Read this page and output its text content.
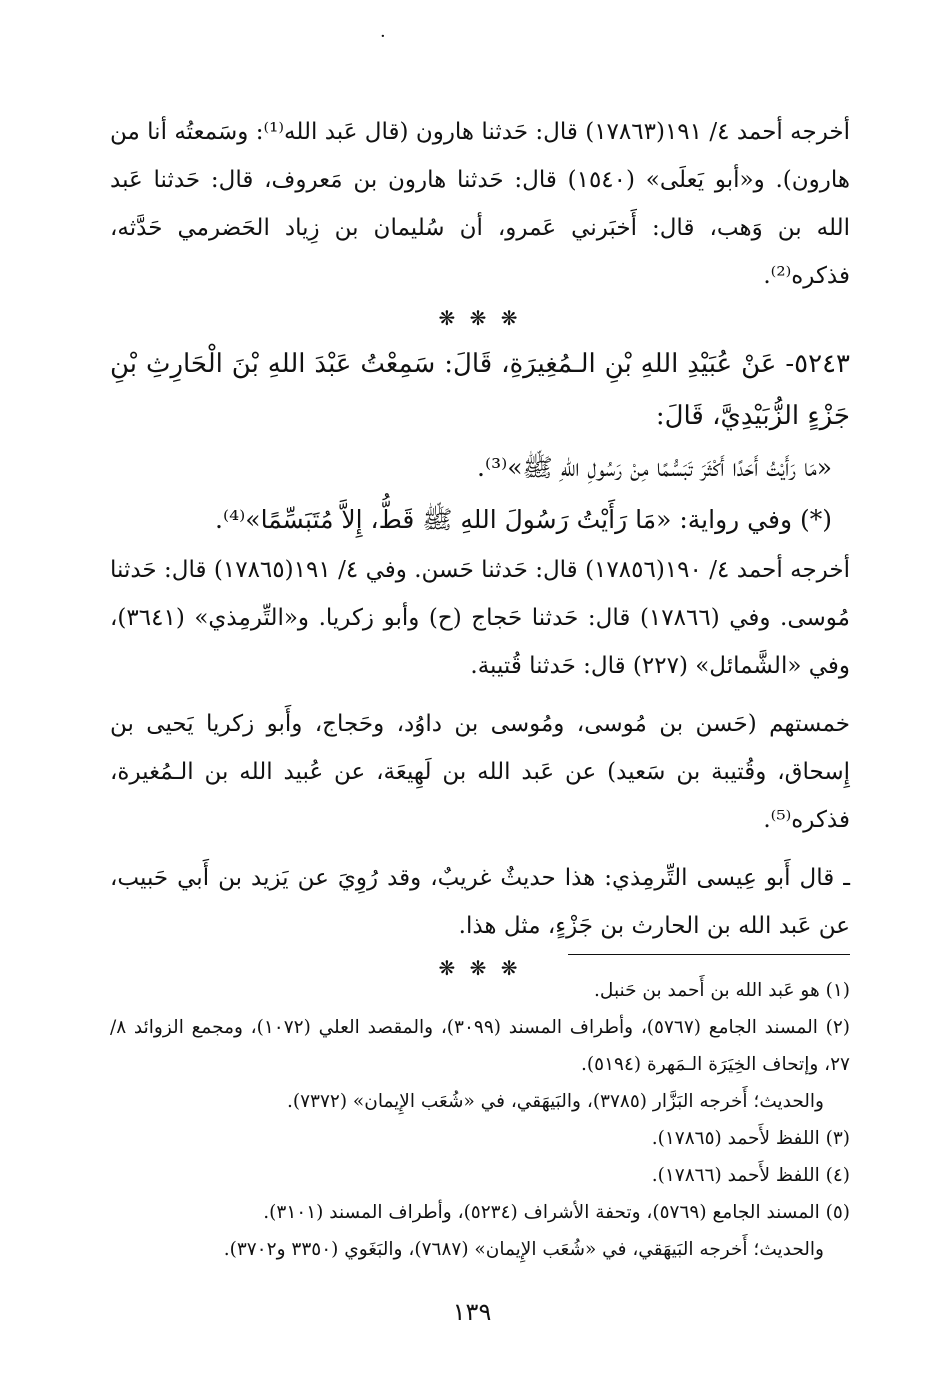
·

أخرجه أحمد ٤/ ١٩١(١٧٨٦٣) قال: حَدثنا هارون (قال عَبد الله⁽¹⁾: وسَمعتُه أنا من هارون). و«أبو يَعلَى» (١٥٤٠) قال: حَدثنا هارون بن مَعروف، قال: حَدثنا عَبد الله بن وَهب، قال: أَخبَرني عَمرو، أن سُليمان بن زِياد الحَضرمي حَدَّثه، فذكره⁽²⁾.

❋ ❋ ❋

٥٢٤٣- عَنْ عُبَيْدِ اللهِ بْنِ الـمُغِيرَةِ، قَالَ: سَمِعْتُ عَبْدَ اللهِ بْنَ الْحَارِثِ بْنِ جَزْءٍ الزُّبَيْدِيَّ، قَالَ:

«مَا رَأَيْتُ أَحَدًا أَكْثَرَ تَبَسُّمًا مِنْ رَسُولِ اللهِ ﷺ»⁽³⁾.

(*) وفي رواية: «مَا رَأَيْتُ رَسُولَ اللهِ ﷺ قَطُّ، إِلاَّ مُتَبَسِّمًا»⁽⁴⁾.

أخرجه أحمد ٤/ ١٩٠(١٧٨٥٦) قال: حَدثنا حَسن. وفي ٤/ ١٩١(١٧٨٦٥) قال: حَدثنا مُوسى. وفي (١٧٨٦٦) قال: حَدثنا حَجاج (ح) وأبو زكريا. و«التِّرمِذي» (٣٦٤١)، وفي «الشَّمائل» (٢٢٧) قال: حَدثنا قُتيبة.

خمستهم (حَسن بن مُوسى، ومُوسى بن داوُد، وحَجاج، وأَبو زكريا يَحيى بن إِسحاق، وقُتيبة بن سَعيد) عن عَبد الله بن لَهِيعَة، عن عُبيد الله بن الـمُغيرة، فذكره⁽⁵⁾.

ـ قال أَبو عِيسى التِّرمِذي: هذا حديثٌ غريبٌ، وقد رُوِيَ عن يَزيد بن أَبي حَبيب، عن عَبد الله بن الحارث بن جَزْءٍ، مثل هذا.

❋ ❋ ❋

(١) هو عَبد الله بن أَحمد بن حَنبل.

(٢) المسند الجامع (٥٧٦٧)، وأطراف المسند (٣٠٩٩)، والمقصد العلي (١٠٧٢)، ومجمع الزوائد ٨/ ٢٧، وإتحاف الخِيَرَة الـمَهرة (٥١٩٤).

والحديث؛ أَخرجه البَزَّار (٣٧٨٥)، والبَيهَقي، في «شُعَب الإِيمان» (٧٣٧٢).

(٣) اللفظ لأَحمد (١٧٨٦٥).

(٤) اللفظ لأَحمد (١٧٨٦٦).

(٥) المسند الجامع (٥٧٦٩)، وتحفة الأشراف (٥٢٣٤)، وأطراف المسند (٣١٠١).

والحديث؛ أَخرجه البَيهَقي، في «شُعَب الإِيمان» (٧٦٨٧)، والبَغَوي (٣٣٥٠ و٣٧٠٢).

١٣٩
